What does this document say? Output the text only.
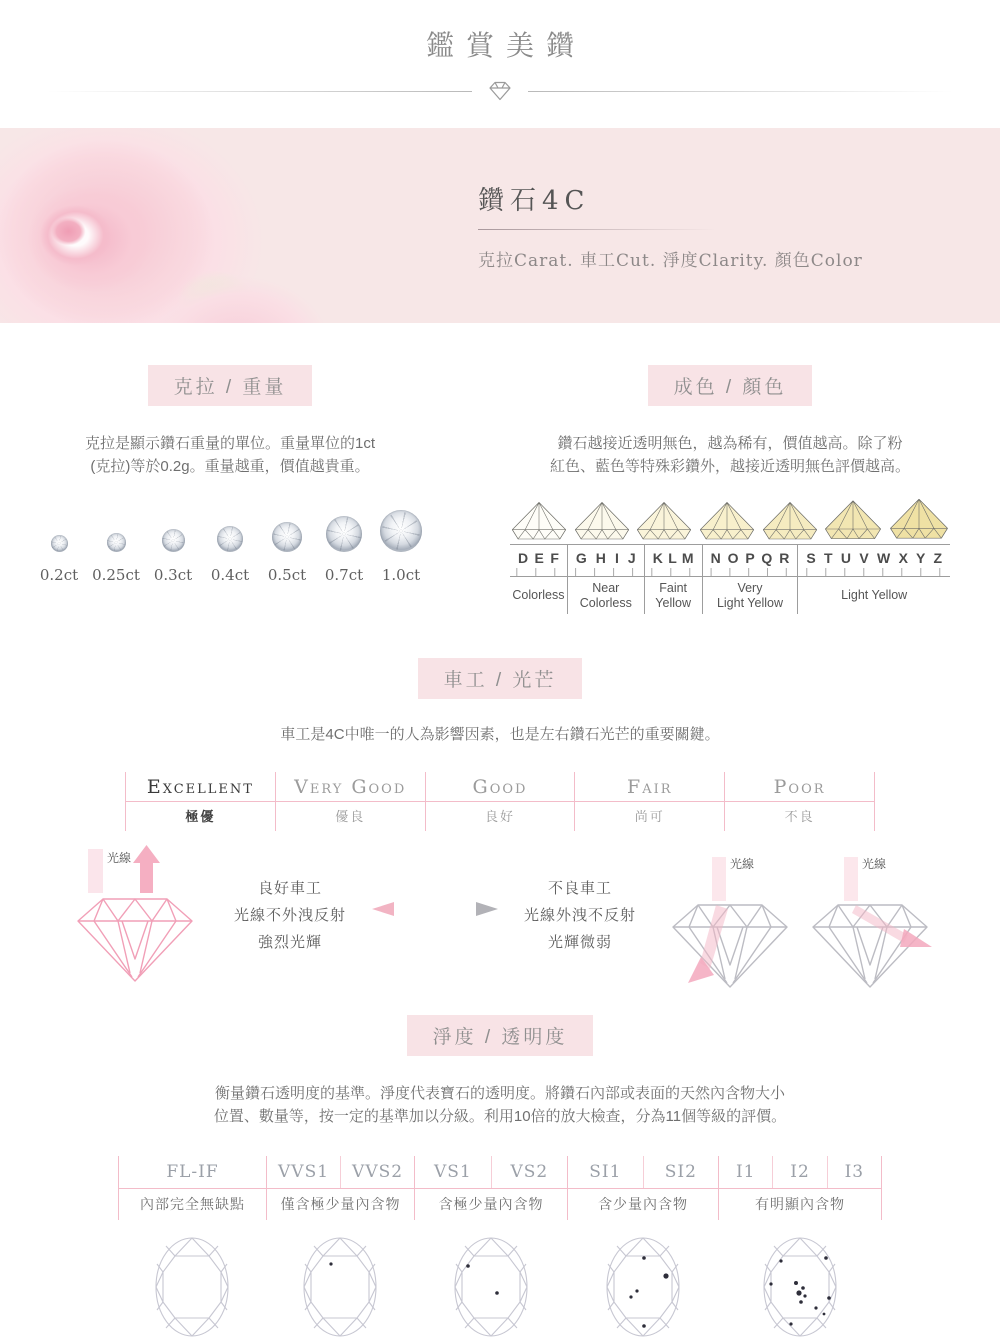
鑑賞美鑽
鑽石4C

克拉Carat. 車工Cut. 淨度Clarity. 顏色Color

克拉 / 重量

克拉是顯示鑽石重量的單位。重量單位的1ct
(克拉)等於0.2g。重量越重，價值越貴重。

0.2ct 0.25ct 0.3ct 0.4ct 0.5ct 0.7ct 1.0ct
成色 / 顏色

鑽石越接近透明無色，越為稀有，價值越高。除了粉
紅色、藍色等特殊彩鑽外，越接近透明無色評價越高。

D E F
Colorless
G H I J
Near
Colorless
K L M
Faint
Yellow
N O P Q R
Very
Light Yellow
S T U V W X Y Z
Light Yellow
車工 / 光芒

車工是4C中唯一的人為影響因素，也是左右鑽石光芒的重要關鍵。

Excellent
極優
Very Good
優良
Good
良好
Fair
尚可
Poor
不良
光線
良好車工
光線不外洩反射
強烈光輝
不良車工
光線外洩不反射
光輝微弱
光線	光線
淨度 / 透明度

衡量鑽石透明度的基準。淨度代表寶石的透明度。將鑽石內部或表面的天然內含物大小
位置、數量等，按一定的基準加以分級。利用10倍的放大檢查，分為11個等級的評價。

FL-IF
內部完全無缺點
VVS1	VVS2
僅含極少量內含物
VS1	VS2
含極少量內含物
SI1	SI2
含少量內含物
I1	I2	I3
有明顯內含物
